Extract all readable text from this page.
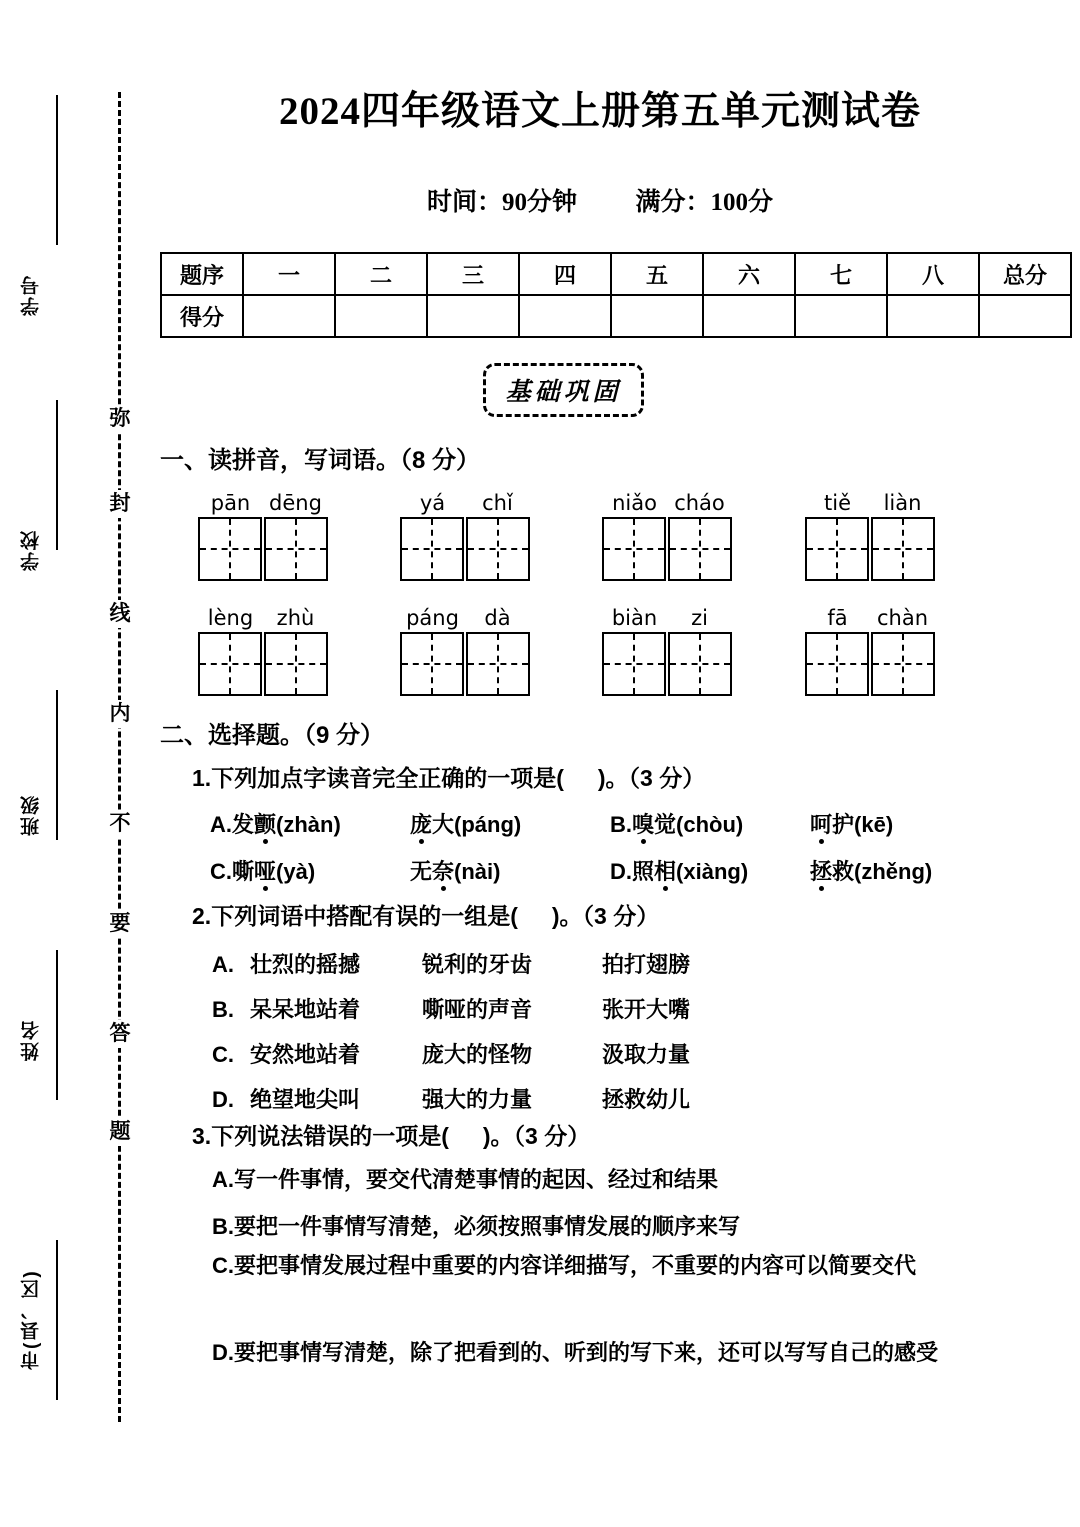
弥
封
线
内
不
要
答
题
学号
学校
班级
姓名
市(县、区)
2024四年级语文上册第五单元测试卷
时间：90分钟 满分：100分
题序	一	二	三	四	五	六	七	八	总分
得分									
基础巩固
一、读拼音，写词语。（8 分）
pān dēng	yá	chǐ	niǎo cháo	tiě	liàn
lèng	zhù	páng	dà	biàn	zi	fā	chàn
二、选择题。（9 分）
1.下列加点字读音完全正确的一项是( )。（3 分）
A.发颤(zhàn)	庞大(páng)	B.嗅觉(chòu)	呵护(kē)
C.嘶哑(yà)	无奈(nài)	D.照相(xiàng)	拯救(zhěng)
2.下列词语中搭配有误的一组是( )。（3 分）
A. 壮烈的摇撼	锐利的牙齿	拍打翅膀
B. 呆呆地站着	嘶哑的声音	张开大嘴
C. 安然地站着	庞大的怪物	汲取力量
D. 绝望地尖叫	强大的力量	拯救幼儿
3.下列说法错误的一项是( )。（3 分）
A.写一件事情，要交代清楚事情的起因、经过和结果
B.要把一件事情写清楚，必须按照事情发展的顺序来写
C.要把事情发展过程中重要的内容详细描写，不重要的内容可以简要交代
D.要把事情写清楚，除了把看到的、听到的写下来，还可以写写自己的感受
